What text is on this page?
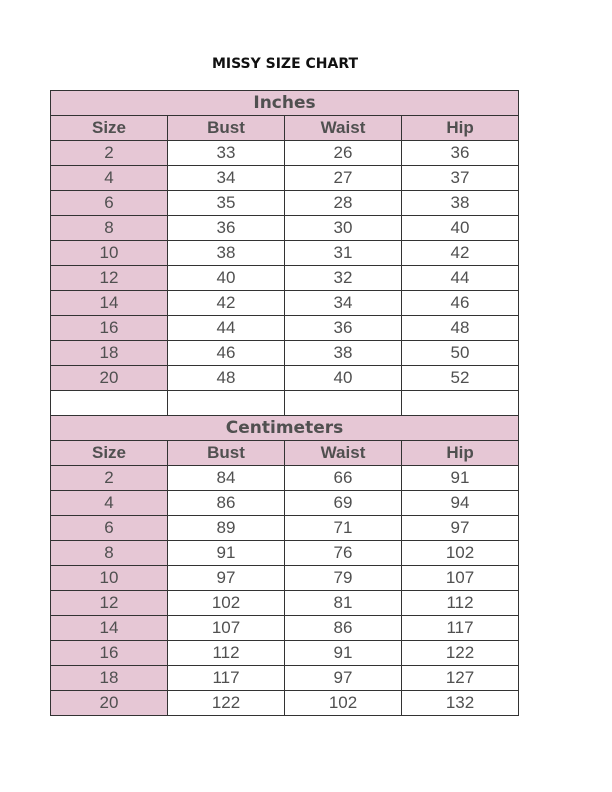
MISSY SIZE CHART
Inches			
Size	Bust	Waist	Hip
2	33	26	36
4	34	27	37
6	35	28	38
8	36	30	40
10	38	31	42
12	40	32	44
14	42	34	46
16	44	36	48
18	46	38	50
20	48	40	52

Centimeters			
Size	Bust	Waist	Hip
2	84	66	91
4	86	69	94
6	89	71	97
8	91	76	102
10	97	79	107
12	102	81	112
14	107	86	117
16	112	91	122
18	117	97	127
20	122	102	132
